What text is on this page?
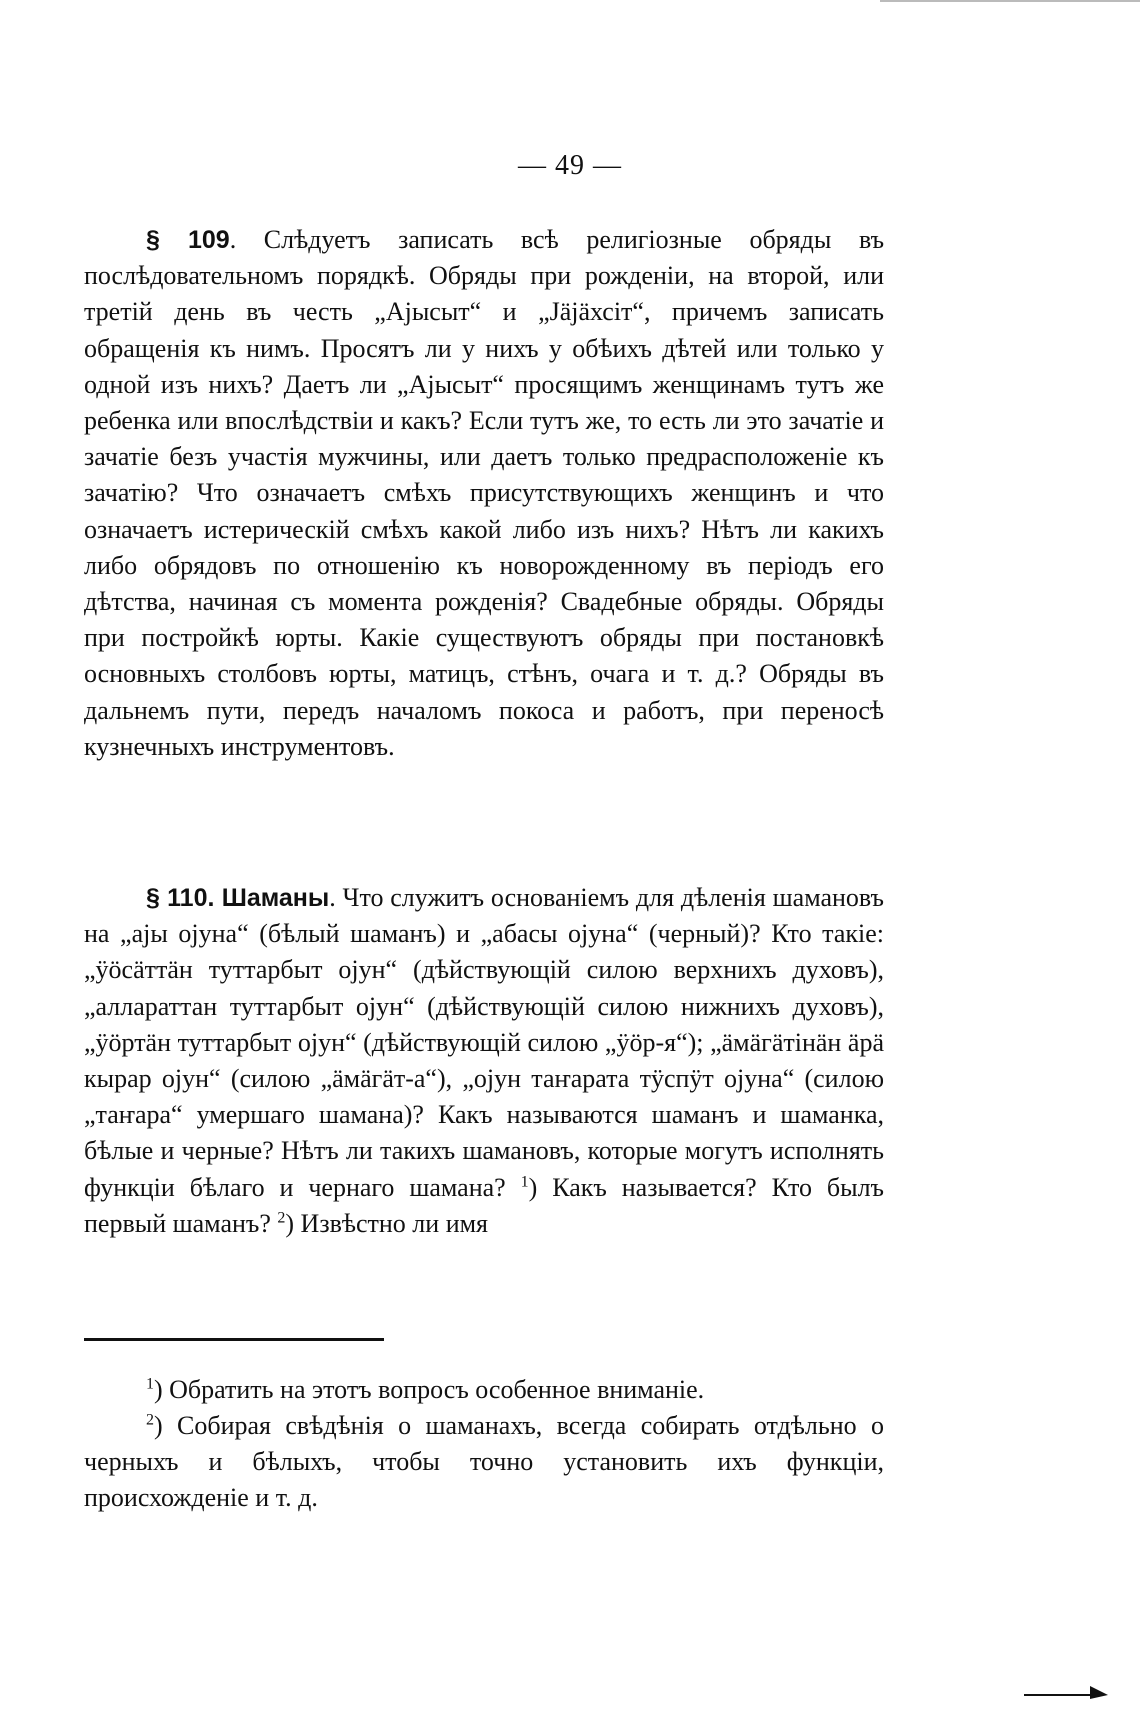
— 49 —

§ 109. Слѣдуетъ записать всѣ религіозные обряды въ послѣдовательномъ порядкѣ. Обряды при рожденіи, на второй, или третій день въ честь „Ајысыт“ и „Јäјäхсiт“, причемъ записать обращенія къ нимъ. Просятъ ли у нихъ у обѣихъ дѣтей или только у одной изъ нихъ? Даетъ ли „Ајысыт“ просящимъ женщинамъ тутъ же ребенка или впослѣдствіи и какъ? Если тутъ же, то есть ли это зачатіе и зачатіе безъ участія мужчины, или даетъ только предрасположеніе къ зачатію? Что означаетъ смѣхъ присутствующихъ женщинъ и что означаетъ истерическій смѣхъ какой либо изъ нихъ? Нѣтъ ли какихъ либо обрядовъ по отношенію къ новорожденному въ періодъ его дѣтства, начиная съ момента рожденія? Свадебные обряды. Обряды при постройкѣ юрты. Какіе существуютъ обряды при постановкѣ основныхъ столбовъ юрты, матицъ, стѣнъ, очага и т. д.? Обряды въ дальнемъ пути, передъ началомъ покоса и работъ, при переносѣ кузнечныхъ инструментовъ.

§ 110. Шаманы. Что служитъ основаніемъ для дѣленія шамановъ на „ајы ојуна“ (бѣлый шаманъ) и „абасы ојуна“ (черный)? Кто такіе: „ÿöсäттäн туттарбыт ојун“ (дѣйствующій силою верхнихъ духовъ), „аллараттан туттарбыт ојун“ (дѣйствующій силою нижнихъ духовъ), „ÿöртäн туттарбыт ојун“ (дѣйствующій силою „ÿöр-я“); „äмäгäтiнäн äрä кырар ојун“ (силою „äмäгäт-а“), „ојун таҥарата тÿспÿт ојуна“ (силою „таҥара“ умершаго шамана)? Какъ называются шаманъ и шаманка, бѣлые и черные? Нѣтъ ли такихъ шамановъ, которые могутъ исполнять функціи бѣлаго и чернаго шамана? $^1$) Какъ называется? Кто былъ первый шаманъ? $^2$) Извѣстно ли имя

$^1$) Обратить на этотъ вопросъ особенное вниманіе.

$^2$) Собирая свѣдѣнія о шаманахъ, всегда собирать отдѣльно о черныхъ и бѣлыхъ, чтобы точно установить ихъ функціи, происхожденіе и т. д.
